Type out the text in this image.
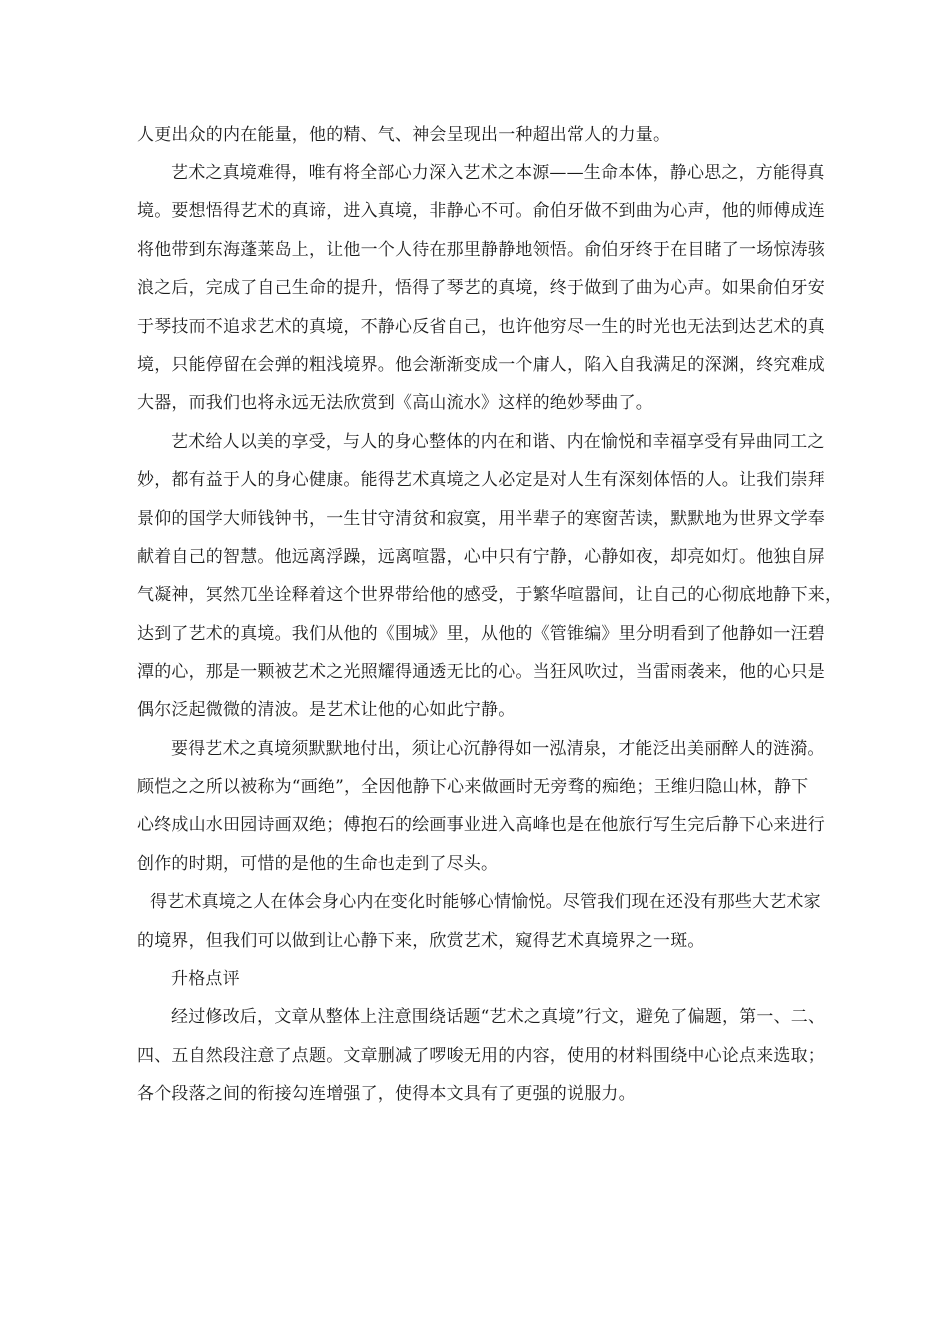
人更出众的内在能量，他的精、气、神会呈现出一种超出常人的力量。
艺术之真境难得，唯有将全部心力深入艺术之本源——生命本体，静心思之，方能得真
境。要想悟得艺术的真谛，进入真境，非静心不可。俞伯牙做不到曲为心声，他的师傅成连
将他带到东海蓬莱岛上，让他一个人待在那里静静地领悟。俞伯牙终于在目睹了一场惊涛骇
浪之后，完成了自己生命的提升，悟得了琴艺的真境，终于做到了曲为心声。如果俞伯牙安
于琴技而不追求艺术的真境，不静心反省自己，也许他穷尽一生的时光也无法到达艺术的真
境，只能停留在会弹的粗浅境界。他会渐渐变成一个庸人，陷入自我满足的深渊，终究难成
大器，而我们也将永远无法欣赏到《高山流水》这样的绝妙琴曲了。
艺术给人以美的享受，与人的身心整体的内在和谐、内在愉悦和幸福享受有异曲同工之
妙，都有益于人的身心健康。能得艺术真境之人必定是对人生有深刻体悟的人。让我们崇拜
景仰的国学大师钱钟书，一生甘守清贫和寂寞，用半辈子的寒窗苦读，默默地为世界文学奉
献着自己的智慧。他远离浮躁，远离喧嚣，心中只有宁静，心静如夜，却亮如灯。他独自屏
气凝神，冥然兀坐诠释着这个世界带给他的感受，于繁华喧嚣间，让自己的心彻底地静下来，
达到了艺术的真境。我们从他的《围城》里，从他的《管锥编》里分明看到了他静如一汪碧
潭的心，那是一颗被艺术之光照耀得通透无比的心。当狂风吹过，当雷雨袭来，他的心只是
偶尔泛起微微的清波。是艺术让他的心如此宁静。
要得艺术之真境须默默地付出，须让心沉静得如一泓清泉，才能泛出美丽醉人的涟漪。
顾恺之之所以被称为“画绝”，全因他静下心来做画时无旁骛的痴绝；王维归隐山林，静下
心终成山水田园诗画双绝；傅抱石的绘画事业进入高峰也是在他旅行写生完后静下心来进行
创作的时期，可惜的是他的生命也走到了尽头。
得艺术真境之人在体会身心内在变化时能够心情愉悦。尽管我们现在还没有那些大艺术家
的境界，但我们可以做到让心静下来，欣赏艺术，窥得艺术真境界之一斑。
升格点评
经过修改后，文章从整体上注意围绕话题“艺术之真境”行文，避免了偏题，第一、二、
四、五自然段注意了点题。文章删减了啰唆无用的内容，使用的材料围绕中心论点来选取；
各个段落之间的衔接勾连增强了，使得本文具有了更强的说服力。
